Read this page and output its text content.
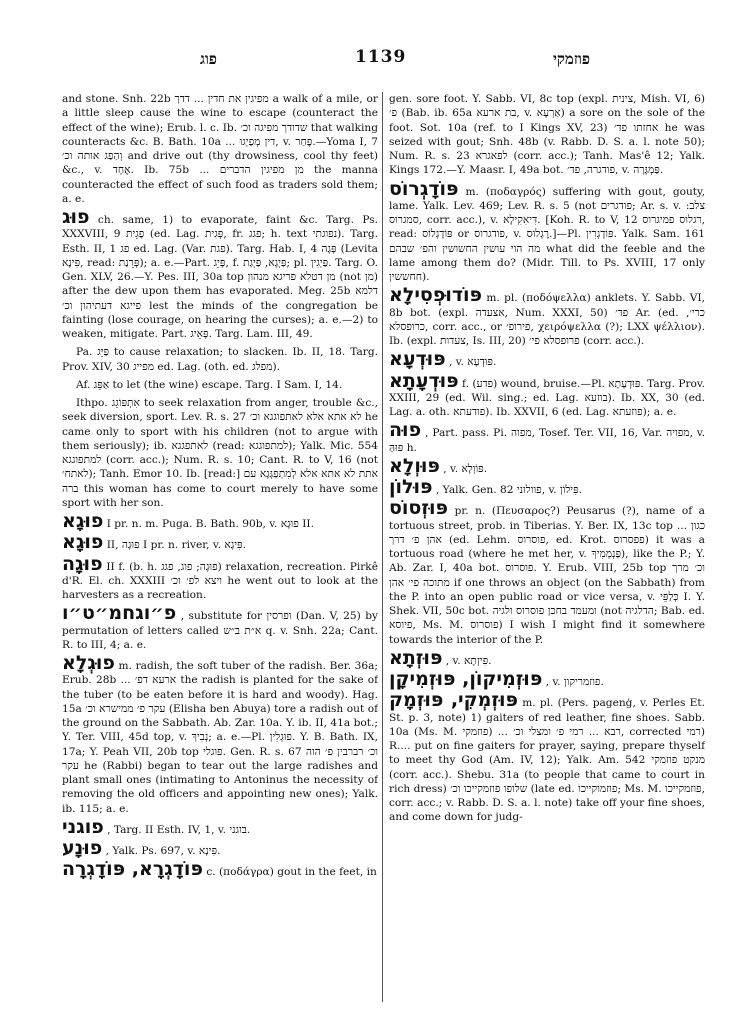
פוג	1139	פוזמקי

and stone. Snh. 22b מפיגין את חדין ... דדך a walk of a mile, or a little sleep cause the wine to escape (counteract the effect of the wine); Erub. l. c. Ib. שדודך מפיגה וכ׳ that walking counteracts &c. B. Bath. 10a ... דין מְפַיְגוּ, v. פֶּחַר.—Yoma I, 7 וְהַפַג אותה וכ׳ and drive out (thy drowsiness, cool thy feet) &c., v. אֶחָד. Ib. 75b ... מן מפיגין הדברים the manna counteracted the effect of such food as traders sold them; a. e.

פוּג ch. same, 1) to evaporate, faint &c. Targ. Ps. XXXVIII, 9 פָגֵית (ed. Lag. פְּגִית, fr. פגג; h. text נפוגתי). Targ. Esth. II, 1 פג ed. Lag. (Var. פגת). Targ. Hab. I, 4 פָּגָה (Levita פִּינָא, read: פְּרֵנַת); a. e.—Part. פָּיֵג, f. פַּיְגָא, פַּיְגַת; pl. פַּיְגִין. Targ. O. Gen. XLV, 26.—Y. Pes. III, 30a top מן דטלא פריגא מנהון (not מן) after the dew upon them has evaporated. Meg. 25b דלמא פייגא דעתיהון וכ׳ lest the minds of the congregation be fainting (lose courage, on hearing the curses); a. e.—2) to weaken, mitigate. Part. פָּאֵיג. Targ. Lam. III, 49.

Pa. פַּיֵּג to cause relaxation; to slacken. Ib. II, 18. Targ. Prov. XIV, 30 מפייג ed. Lag. (oth. ed. מפלג).

Af. אַפֵּג to let (the wine) escape. Targ. I Sam. I, 14.

Ithpo. אִתְפּוֹגֵג to seek relaxation from anger, trouble &c., seek diversion, sport. Lev. R. s. 27 לא אתא אלא לאתפוגגא וכ׳ he came only to sport with his children (not to argue with them seriously); ib. לאתפגגא (read: למתפוגגא); Yalk. Mic. 554 למתפוגגא (corr. acc.); Num. R. s. 10; Cant. R. to V, 16 (not לאתח׳); Tanh. Emor 10. Ib. [read:] אתת לא אתא אלא לְמִתְפַגְּגָא עם ברה this woman has come to court merely to have some sport with her son.

פוּגָא I pr. n. m. Puga. B. Bath. 90b, v. פוּגָא II.

פוּגָא II, פוּגָה I pr. n. river, v. פִּיגָא.

פוּגָה II f. (b. h. פוּגָה; פוג, פגג) relaxation, recreation. Pirkê d'R. El. ch. XXXIII ויצא לפ׳ וכ׳ he went out to look at the harvesters as a recreation.

פ״וגחמ״ט״ו , substitute for ופרסין (Dan. V, 25) by permutation of letters called א״ת ב״ש q. v. Snh. 22a; Cant. R. to III, 4; a. e.

פוּגְלָא m. radish, the soft tuber of the radish. Ber. 36a; Erub. 28b ... ארעא דפ׳ the radish is planted for the sake of the tuber (to be eaten before it is hard and woody). Hag. 15a עקר פ׳ ממישרא וכ׳ (Elisha ben Abuya) tore a radish out of the ground on the Sabbath. Ab. Zar. 10a. Y. ib. II, 41a bot.; Y. Ter. VIII, 45d top, v. נְבִיךְ; a. e.—Pl. פוּגְלִין. Y. B. Bath. IX, 17a; Y. Peah VII, 20b top פוגלי. Gen. R. s. 67 וכ׳ רברבין פ׳ הוה עקר he (Rabbi) began to tear out the large radishes and plant small ones (intimating to Antoninus the necessity of removing the old officers and appointing new ones); Yalk. ib. 115; a. e.

פוגני , Targ. II Esth. IV, 1, v. בוגני.

פוּנָע , Yalk. Ps. 697, v. פִּינָא.

פּוֹדָגְרָא, פּוֹדָגְרָה c. (ποδάγρα) gout in the feet, in

gen. sore foot. Y. Sabb. VI, 8c top (expl. צינית, Mish. VI, 6) פ׳ (Bab. ib. 65a בת ארעא, v. אַרְעָא) a sore on the sole of the foot. Sot. 10a (ref. to I Kings XV, 23) אחזתו פד׳ he was seized with gout; Snh. 48b (v. Rabb. D. S. a. l. note 50); Num. R. s. 23 לפאגרא (corr. acc.); Tanh. Mas'ê 12; Yalk. Kings 172.—Y. Maasr. I, 49a bot. פודגרה, פד׳, v. פַּמְגָּרָה.

פּוֹדָגְרוֹס m. (ποδαγρός) suffering with gout, gouty, lame. Yalk. Lev. 469; Lev. R. s. 5 (not פודגרים; Ar. s. v. צלב: סמגרוס, corr. acc.), v. דִּיאִקִילָא. [Koh. R. to V, 12 רגלוס פמיגרוס, read: פּוֹדָגְלוֹס or פודגרוס, v. רֶגְלוּס.]—Pl. פּוֹדָגְרִין. Yalk. Sam. 161 מה הוי עושין החשושין והפ׳ שבהם what did the feeble and the lame among them do? (Midr. Till. to Ps. XVIII, 17 only חחששין).

פּוֹדוּפְסִילָא m. pl. (ποδόψελλα) anklets. Y. Sabb. VI, 8b bot. (expl. אצעדה, Num. XXXI, 50) פד׳ Ar. (ed. כרי׳, כרופסלא, corr. acc., or פירופ׳, χειρόψελλα (?); LXX ψέλλιον). Ib. (expl. צעדות, Is. III, 20) פרופסלא פי׳ (corr. acc.).

פּוּדְעָא , v. פּוּדְעָא.

פּוּדְעָתָא f. (פדע) wound, bruise.—Pl. פּוּדְעָתָא. Targ. Prov. XXIII, 29 (ed. Wil. sing.; ed. Lag. בוזעא). Ib. XX, 30 (ed. Lag. a. oth. פודעתא). Ib. XXVII, 6 (ed. Lag. פוזעתא); a. e.

פוּה , Part. pass. Pi. מפוה, Tosef. Ter. VII, 16, Var. מפויה, v. פּוּהַּ h.

פּוּוְלָא , v. פּוֹוְלָא.

פּוּלוֹן , Yalk. Gen. 82 פוולוני, v. פִּילוֹן.

פּוּזְסוֹס pr. n. (Πευσαρος?) Peusarus (?), name of a tortuous street, prob. in Tiberias. Y. Ber. IX, 13c top ... כגון אהן פ׳ דרך (ed. Lehm. פוסרוס, ed. Krot. פפסרוס) it was a tortuous road (where he met her, v. פַּנְמְמִיךָ), like the P.; Y. Ab. Zar. I, 40a bot. פוסרוס. Y. Erub. VIII, 25b top וכ׳ מרך מתוכה פי׳ אהן if one throws an object (on the Sabbath) from the P. into an open public road or vice versa, v. כְּלַפֵּי I. Y. Shek. VII, 50c bot. ומעמד בחכן פוסרוס ולגיה (not הדלגיה; Bab. ed. פיוסא, Ms. M. פוסרוס) I wish I might find it somewhere towards the interior of the P.

פּוּזְתָא , v. פִּיזְתָא.

פּוּזְמִיקוֹן, פּוּזְמִיקָן , v. פוזמריקון.

פּוּזְמְקִי, פּוּזְמָק m. pl. (Pers. pagenġ, v. Perles Et. St. p. 3, note) 1) gaiters of red leather, fine shoes. Sabb. 10a (Ms. M. פוזמקי) ... רבא ... רמי פ׳ ומצלי וכ׳, corrected רמי) R.... put on fine gaiters for prayer, saying, prepare thyself to meet thy God (Am. IV, 12); Yalk. Am. 542 מנקט פוזמקי (corr. acc.). Shebu. 31a (to people that came to court in rich dress) שלופו פוזמקייכו וכ׳ (late ed. פוזמוקייכו; Ms. M. פוזמקייכו, corr. acc.; v. Rabb. D. S. a. l. note) take off your fine shoes, and come down for judg-
